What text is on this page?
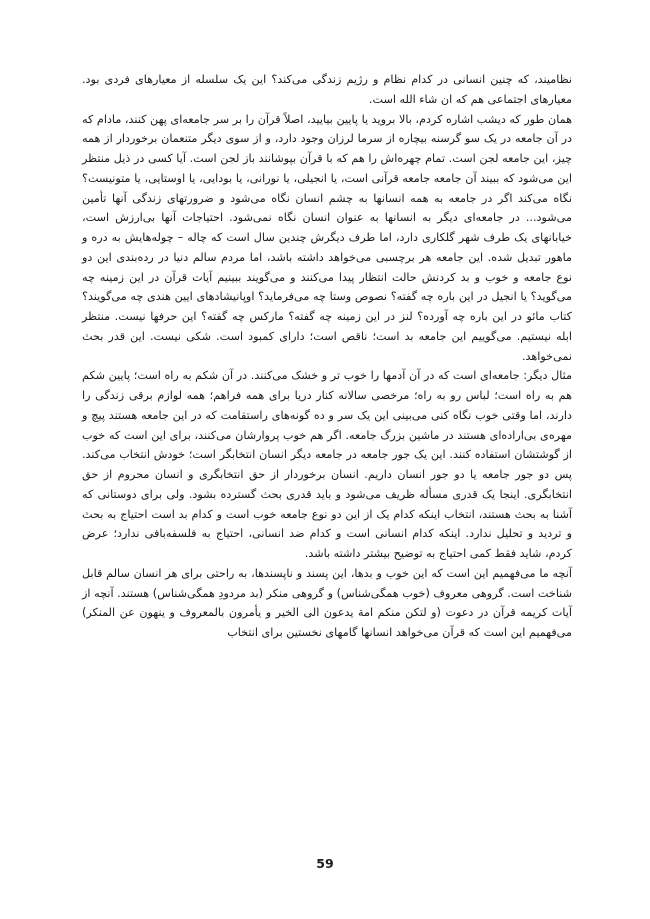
نظامیند، که چنین انسانی در کدام نظام و رژیم زندگی می‌کند؟ این یک سلسله از معیارهای فردی بود. معیارهای اجتماعی هم که ان شاء الله است.

همان طور که دیشب اشاره کردم، بالا بروید یا پایین بیایید، اصلاً قرآن را بر سر جامعه‌ای پهن کنند، مادام که در آن جامعه در یک سو گرسنه بیچاره از سرما لرزان وجود دارد، و از سوی دیگر متنعمان برخوردار از همه چیز، این جامعه لجن است. تمام چهره‌اش را هم که با قرآن بپوشانند باز لجن است. آیا کسی در ذیل منتظر این می‌شود که ببیند آن جامعه جامعه قرآنی است، یا انجیلی، یا نورانی، یا بودایی، یا اوستایی، یا متونیست؟ نگاه می‌کند اگر در جامعه به همه انسانها به چشم انسان نگاه می‌شود و ضرورتهای زندگی آنها تأمین می‌شود... در جامعه‌ای دیگر به انسانها به عنوان انسان نگاه نمی‌شود. احتیاجات آنها بی‌ارزش است، خیابانهای یک طرف شهر گلکاری دارد، اما طرف دیگرش چندین سال است که چاله – چوله‌هایش به دره و ماهور تبدیل شده. این جامعه هر برچسبی می‌خواهد داشته باشد، اما مردم سالم دنیا در رده‌بندی این دو نوع جامعه و خوب و بد کردنش حالت انتظار پیدا می‌کنند و می‌گویند ببینیم آیات قرآن در این زمینه چه می‌گوید؟ یا انجیل در این باره چه گفته؟ نصوص وستا چه می‌فرماید؟ اوپانیشادهای ایین هندی چه می‌گویند؟ کتاب مائو در این باره چه آورده؟ لنز در این زمینه چه گفته؟ مارکس چه گفته؟ این حرفها نیست. منتظر ابله نیستیم. می‌گوییم این جامعه بد است؛ ناقص است؛ دارای کمبود است. شکی نیست. این قدر بحث نمی‌خواهد.

مثال دیگر: جامعه‌ای است که در آن آدمها را خوب تر و خشک می‌کنند. در آن شکم به راه است؛ پایین شکم هم به راه است؛ لباس رو به راه؛ مرخصی سالانه کنار دریا برای همه فراهم؛ همه لوازم برقی زندگی را دارند، اما وقتی خوب نگاه کنی می‌بینی این یک سر و ده گونه‌های راستقامت که در این جامعه هستند پیچ و مهره‌ی بی‌اراده‌ای هستند در ماشین بزرگ جامعه. اگر هم خوب پروارشان می‌کنند، برای این است که خوب از گوشتشان استفاده کنند. این یک جور جامعه در جامعه دیگر انسان انتخابگر است؛ خودش انتخاب می‌کند. پس دو جور جامعه یا دو جور انسان داریم. انسان برخوردار از حق انتخابگری و انسان محروم از حق انتخابگری. اینجا یک قدری مسأله ظریف می‌شود و باید قدری بحث گسترده بشود. ولی برای دوستانی که آشنا به بحث هستند، انتخاب اینکه کدام یک از این دو نوع جامعه خوب است و کدام بد است احتیاج به بحث و تردید و تحلیل ندارد. اینکه کدام انسانی است و کدام ضد انسانی، احتیاج به فلسفه‌بافی ندارد؛ عرض کردم، شاید فقط کمی احتیاج به توضیح بیشتر داشته باشد.

آنچه ما می‌فهمیم این است که این خوب و بدها، این پسند و ناپسندها، به راحتی برای هر انسان سالم قابل شناخت است. گروهی معروف‌ (خوب همگی‌شناس) و گروهی منکر (بد مردودِ همگی‌شناس) هستند. آنچه از آیات کریمه قرآن در دعوت (و لتکن منکم امة یدعون الی الخیر و یأمرون بالمعروف و ینهون عن المنکر) می‌فهمیم این است که قرآن می‌خواهد انسانها گامهای نخستین برای انتخاب

59
